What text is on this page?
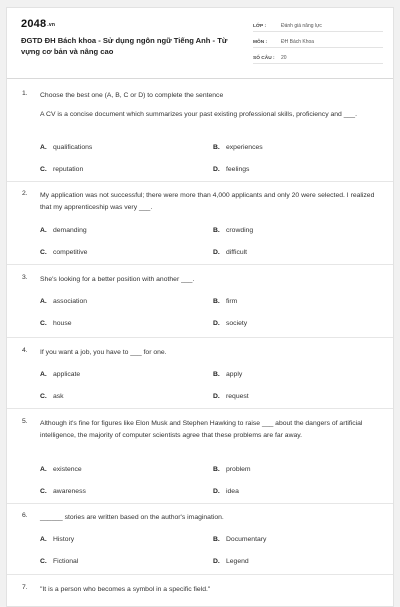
2048.vn
ĐGTD ĐH Bách khoa - Sử dụng ngôn ngữ Tiếng Anh - Từ vựng cơ bản và nâng cao
LỚP :	Đánh giá năng lực
MÔN :	ĐH Bách Khoa
SỐ CÂU :	20
1. Choose the best one (A, B, C or D) to complete the sentence
A CV is a concise document which summarizes your past existing professional skills, proficiency and ___.
A. qualifications	B. experiences
C. reputation	D. feelings
2. My application was not successful; there were more than 4,000 applicants and only 20 were selected. I realized that my apprenticeship was very ___.
A. demanding	B. crowding
C. competitive	D. difficult
3. She's looking for a better position with another ___.
A. association	B. firm
C. house	D. society
4. If you want a job, you have to ___ for one.
A. applicate	B. apply
C. ask	D. request
5. Although it's fine for figures like Elon Musk and Stephen Hawking to raise ___ about the dangers of artificial intelligence, the majority of computer scientists agree that these problems are far away.
A. existence	B. problem
C. awareness	D. idea
6. ______ stories are written based on the author's imagination.
A. History	B. Documentary
C. Fictional	D. Legend
7. "It is a person who becomes a symbol in a specific field."
